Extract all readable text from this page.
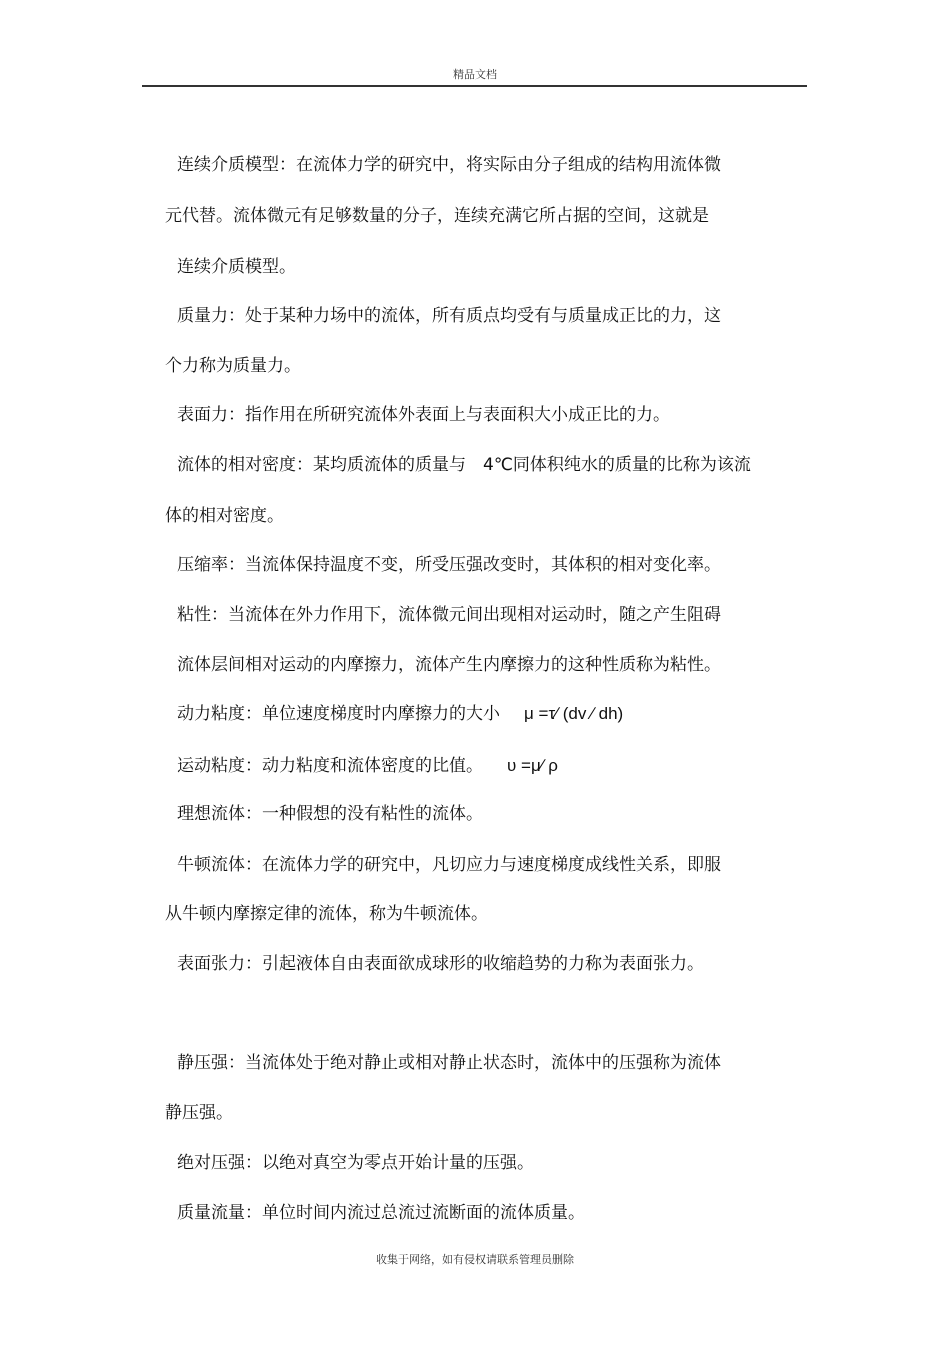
精品文档
连续介质模型：在流体力学的研究中，将实际由分子组成的结构用流体微
元代替。流体微元有足够数量的分子，连续充满它所占据的空间，这就是
连续介质模型。
质量力：处于某种力场中的流体，所有质点均受有与质量成正比的力，这
个力称为质量力。
表面力：指作用在所研究流体外表面上与表面积大小成正比的力。
流体的相对密度：某均质流体的质量与　4℃同体积纯水的质量的比称为该流
体的相对密度。
压缩率：当流体保持温度不变，所受压强改变时，其体积的相对变化率。
粘性：当流体在外力作用下，流体微元间出现相对运动时，随之产生阻碍
流体层间相对运动的内摩擦力，流体产生内摩擦力的这种性质称为粘性。
动力粘度：单位速度梯度时内摩擦力的大小 μ =τ∕ (dv ∕ dh)
运动粘度：动力粘度和流体密度的比值。 υ =μ∕ ρ
理想流体：一种假想的没有粘性的流体。
牛顿流体：在流体力学的研究中，凡切应力与速度梯度成线性关系，即服
从牛顿内摩擦定律的流体，称为牛顿流体。
表面张力：引起液体自由表面欲成球形的收缩趋势的力称为表面张力。
静压强：当流体处于绝对静止或相对静止状态时，流体中的压强称为流体
静压强。
绝对压强：以绝对真空为零点开始计量的压强。
质量流量：单位时间内流过总流过流断面的流体质量。
收集于网络，如有侵权请联系管理员删除
